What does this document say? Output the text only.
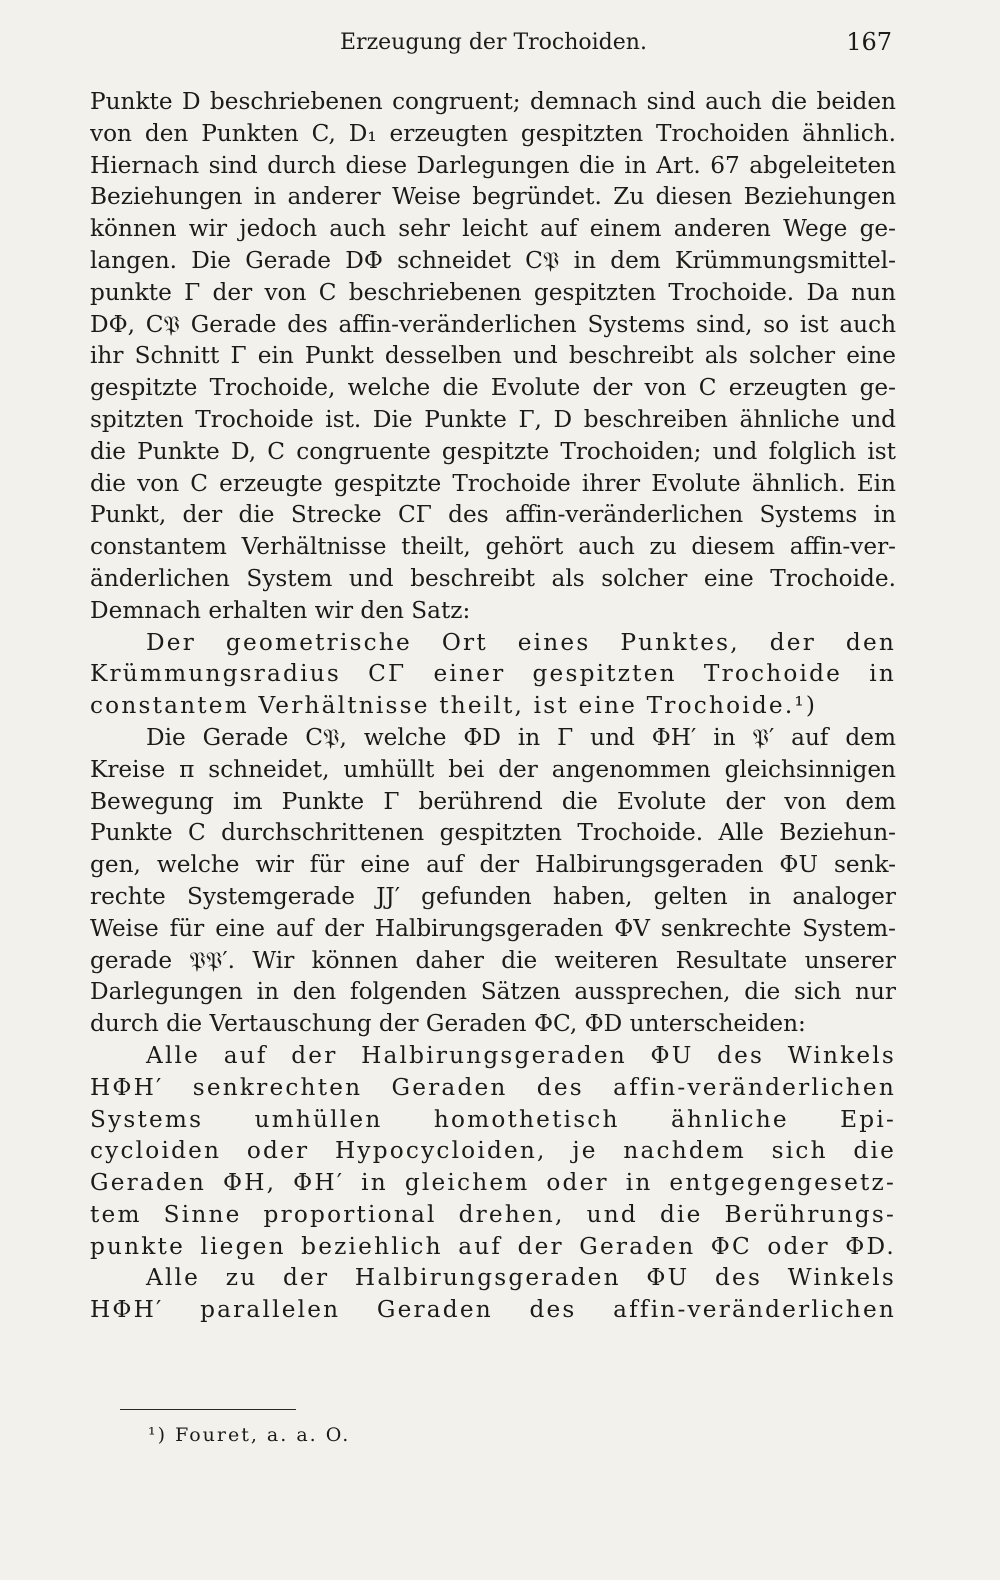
Erzeugung der Trochoiden.	167
Punkte D beschriebenen congruent; demnach sind auch die beiden
von den Punkten C, D₁ erzeugten gespitzten Trochoiden ähnlich.
Hiernach sind durch diese Darlegungen die in Art. 67 abgeleiteten
Beziehungen in anderer Weise begründet. Zu diesen Beziehungen
können wir jedoch auch sehr leicht auf einem anderen Wege ge-
langen. Die Gerade DΦ schneidet C𝔓 in dem Krümmungsmittel-
punkte Γ der von C beschriebenen gespitzten Trochoide. Da nun
DΦ, C𝔓 Gerade des affin-veränderlichen Systems sind, so ist auch
ihr Schnitt Γ ein Punkt desselben und beschreibt als solcher eine
gespitzte Trochoide, welche die Evolute der von C erzeugten ge-
spitzten Trochoide ist. Die Punkte Γ, D beschreiben ähnliche und
die Punkte D, C congruente gespitzte Trochoiden; und folglich ist
die von C erzeugte gespitzte Trochoide ihrer Evolute ähnlich. Ein
Punkt, der die Strecke CΓ des affin-veränderlichen Systems in
constantem Verhältnisse theilt, gehört auch zu diesem affin-ver-
änderlichen System und beschreibt als solcher eine Trochoide.
Demnach erhalten wir den Satz:
Der geometrische Ort eines Punktes, der den
Krümmungsradius CΓ einer gespitzten Trochoide in
constantem Verhältnisse theilt, ist eine Trochoide.¹)
Die Gerade C𝔓, welche ΦD in Γ und ΦH′ in 𝔓′ auf dem
Kreise π schneidet, umhüllt bei der angenommen gleichsinnigen
Bewegung im Punkte Γ berührend die Evolute der von dem
Punkte C durchschrittenen gespitzten Trochoide. Alle Beziehun-
gen, welche wir für eine auf der Halbirungsgeraden ΦU senk-
rechte Systemgerade JJ′ gefunden haben, gelten in analoger
Weise für eine auf der Halbirungsgeraden ΦV senkrechte System-
gerade 𝔓𝔓′. Wir können daher die weiteren Resultate unserer
Darlegungen in den folgenden Sätzen aussprechen, die sich nur
durch die Vertauschung der Geraden ΦC, ΦD unterscheiden:
Alle auf der Halbirungsgeraden ΦU des Winkels
HΦH′ senkrechten Geraden des affin-veränderlichen
Systems umhüllen homothetisch ähnliche Epi-
cycloiden oder Hypocycloiden, je nachdem sich die
Geraden ΦH, ΦH′ in gleichem oder in entgegengesetz-
tem Sinne proportional drehen, und die Berührungs-
punkte liegen beziehlich auf der Geraden ΦC oder ΦD.
Alle zu der Halbirungsgeraden ΦU des Winkels
HΦH′ parallelen Geraden des affin-veränderlichen
¹) Fouret, a. a. O.
